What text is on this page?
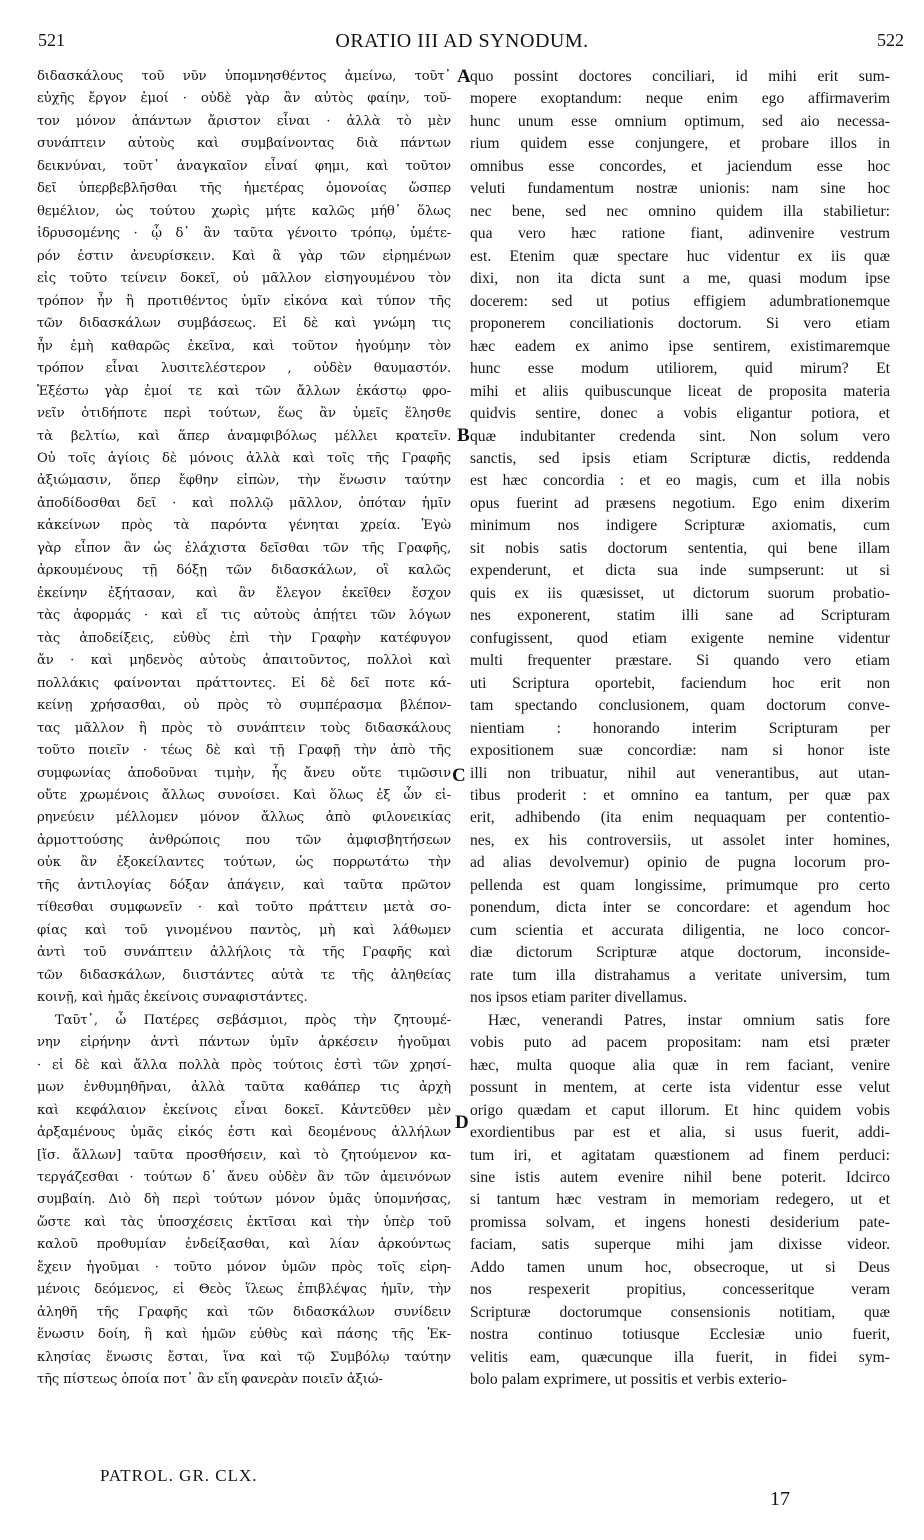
521	ORATIO III AD SYNODUM.	522
διδασκάλους τοῦ νῦν ὑπομνησθέντος ἀμείνω, τοῦτ᾽
εὐχῆς ἔργον ἐμοί · οὐδὲ γὰρ ἂν αὐτὸς φαίην, τοῦ-
τον μόνον ἁπάντων ἄριστον εἶναι · ἀλλὰ τὸ μὲν
συνάπτειν αὐτοὺς καὶ συμβαίνοντας διὰ πάντων
δεικνύναι, τοῦτ᾽ ἀναγκαῖον εἶναί φημι, καὶ τοῦτον
δεῖ ὑπερβεβλῆσθαι τῆς ἡμετέρας ὁμονοίας ὥσπερ
θεμέλιον, ὡς τούτου χωρὶς μήτε καλῶς μήθ᾽ ὅλως
ἱδρυσομένης · ᾧ δ᾽ ἂν ταῦτα γένοιτο τρόπῳ, ὑμέτε-
ρόν ἐστιν ἀνευρίσκειν. Καὶ ἃ γὰρ τῶν εἰρημένων
εἰς τοῦτο τείνειν δοκεῖ, οὐ μᾶλλον εἰσηγουμένου τὸν
τρόπον ἦν ἢ προτιθέντος ὑμῖν εἰκόνα καὶ τύπον τῆς
τῶν διδασκάλων συμβάσεως. Εἰ δὲ καὶ γνώμη τις
ἦν ἐμὴ καθαρῶς ἐκεῖνα, καὶ τοῦτον ἡγούμην τὸν
τρόπον εἶναι λυσιτελέστερον , οὐδὲν θαυμαστόν.
Ἐξέστω γὰρ ἐμοί τε καὶ τῶν ἄλλων ἑκάστῳ φρο-
νεῖν ὁτιδήποτε περὶ τούτων, ἕως ἂν ὑμεῖς ἕλησθε
τὰ βελτίω, καὶ ἅπερ ἀναμφιβόλως μέλλει κρατεῖν.
Οὐ τοῖς ἁγίοις δὲ μόνοις ἀλλὰ καὶ τοῖς τῆς Γραφῆς
ἀξιώμασιν, ὅπερ ἔφθην εἰπὼν, τὴν ἕνωσιν ταύτην
ἀποδίδοσθαι δεῖ · καὶ πολλῷ μᾶλλον, ὁπόταν ἡμῖν
κἀκείνων πρὸς τὰ παρόντα γένηται χρεία. Ἐγὼ
γὰρ εἶπον ἂν ὡς ἐλάχιστα δεῖσθαι τῶν τῆς Γραφῆς,
ἀρκουμένους τῇ δόξῃ τῶν διδασκάλων, οἳ καλῶς
ἐκείνην ἐξήτασαν, καὶ ἃν ἔλεγον ἐκεῖθεν ἔσχον
τὰς ἀφορμάς · καὶ εἴ τις αὐτοὺς ἀπῄτει τῶν λόγων
τὰς ἀποδείξεις, εὐθὺς ἐπὶ τὴν Γραφὴν κατέφυγον
ἄν · καὶ μηδενὸς αὐτοὺς ἀπαιτοῦντος, πολλοὶ καὶ
πολλάκις φαίνονται πράττοντες. Εἰ δὲ δεῖ ποτε κά-
κείνῃ χρήσασθαι, οὐ πρὸς τὸ συμπέρασμα βλέπον-
τας μᾶλλον ἢ πρὸς τὸ συνάπτειν τοὺς διδασκάλους
τοῦτο ποιεῖν · τέως δὲ καὶ τῇ Γραφῇ τὴν ἀπὸ τῆς
συμφωνίας ἀποδοῦναι τιμὴν, ἧς ἄνευ οὔτε τιμῶσιν
οὔτε χρωμένοις ἄλλως συνοίσει. Καὶ ὅλως ἐξ ὧν εἰ-
ρηνεύειν μέλλομεν μόνον ἄλλως ἀπὸ φιλονεικίας
ἁρμοττούσης ἀνθρώποις που τῶν ἀμφισβητήσεων
οὐκ ἂν ἐξοκείλαντες τούτων, ὡς πορρωτάτω τὴν
τῆς ἀντιλογίας δόξαν ἀπάγειν, καὶ ταῦτα πρῶτον
τίθεσθαι συμφωνεῖν · καὶ τοῦτο πράττειν μετὰ σο-
φίας καὶ τοῦ γινομένου παντὸς, μὴ καὶ λάθωμεν
ἀντὶ τοῦ συνάπτειν ἀλλήλοις τὰ τῆς Γραφῆς καὶ
τῶν διδασκάλων, διιστάντες αὐτὰ τε τῆς ἀληθείας
κοινῇ, καὶ ἡμᾶς ἐκείνοις συναφιστάντες.
Ταῦτ᾽, ὦ Πατέρες σεβάσμιοι, πρὸς τὴν ζητουμέ-
νην εἰρήνην ἀντὶ πάντων ὑμῖν ἀρκέσειν ἡγοῦμαι
· εἰ δὲ καὶ ἄλλα πολλὰ πρὸς τούτοις ἐστὶ τῶν χρησί-
μων ἐνθυμηθῆναι, ἀλλὰ ταῦτα καθάπερ τις ἀρχὴ
καὶ κεφάλαιον ἐκείνοις εἶναι δοκεῖ. Κἀντεῦθεν μὲν
ἀρξαμένους ὑμᾶς εἰκός ἐστι καὶ δεομένους ἀλλήλων
[ἴσ. ἄλλων] ταῦτα προσθήσειν, καὶ τὸ ζητούμενον κα-
τεργάζεσθαι · τούτων δ᾽ ἄνευ οὐδὲν ἂν τῶν ἀμεινόνων
συμβαίη. Διὸ δὴ περὶ τούτων μόνον ὑμᾶς ὑπομνήσας,
ὥστε καὶ τὰς ὑποσχέσεις ἐκτῖσαι καὶ τὴν ὑπὲρ τοῦ
καλοῦ προθυμίαν ἐνδείξασθαι, καὶ λίαν ἀρκούντως
ἔχειν ἡγοῦμαι · τοῦτο μόνον ὑμῶν πρὸς τοῖς εἰρη-
μένοις δεόμενος, εἰ Θεὸς ἵλεως ἐπιβλέψας ἡμῖν, τὴν
ἀληθῆ τῆς Γραφῆς καὶ τῶν διδασκάλων συνίδειν
ἕνωσιν δοίη, ἣ καὶ ἡμῶν εὐθὺς καὶ πάσης τῆς Ἐκ-
κλησίας ἕνωσις ἔσται, ἵνα καὶ τῷ Συμβόλῳ ταύτην
τῆς πίστεως ὁποία ποτ᾽ ἂν εἴη φανερὰν ποιεῖν ἀξιώ-
A
B
C
D
quo possint doctores conciliari, id mihi erit sum-
mopere exoptandum: neque enim ego affirmaverim
hunc unum esse omnium optimum, sed aio necessa-
rium quidem esse conjungere, et probare illos in
omnibus esse concordes, et jaciendum esse hoc
veluti fundamentum nostræ unionis: nam sine hoc
nec bene, sed nec omnino quidem illa stabilietur:
qua vero hæc ratione fiant, adinvenire vestrum
est. Etenim quæ spectare huc videntur ex iis quæ
dixi, non ita dicta sunt a me, quasi modum ipse
docerem: sed ut potius effigiem adumbrationemque
proponerem conciliationis doctorum. Si vero etiam
hæc eadem ex animo ipse sentirem, existimaremque
hunc esse modum utiliorem, quid mirum? Et
mihi et aliis quibuscunque liceat de proposita materia
quidvis sentire, donec a vobis eligantur potiora, et
quæ indubitanter credenda sint. Non solum vero
sanctis, sed ipsis etiam Scripturæ dictis, reddenda
est hæc concordia : et eo magis, cum et illa nobis
opus fuerint ad præsens negotium. Ego enim dixerim
minimum nos indigere Scripturæ axiomatis, cum
sit nobis satis doctorum sententia, qui bene illam
expenderunt, et dicta sua inde sumpserunt: ut si
quis ex iis quæsisset, ut dictorum suorum probatio-
nes exponerent, statim illi sane ad Scripturam
confugissent, quod etiam exigente nemine videntur
multi frequenter præstare. Si quando vero etiam
uti Scriptura oportebit, faciendum hoc erit non
tam spectando conclusionem, quam doctorum conve-
nientiam : honorando interim Scripturam per
expositionem suæ concordiæ: nam si honor iste
illi non tribuatur, nihil aut venerantibus, aut utan-
tibus proderit : et omnino ea tantum, per quæ pax
erit, adhibendo (ita enim nequaquam per contentio-
nes, ex his controversiis, ut assolet inter homines,
ad alias devolvemur) opinio de pugna locorum pro-
pellenda est quam longissime, primumque pro certo
ponendum, dicta inter se concordare: et agendum hoc
cum scientia et accurata diligentia, ne loco concor-
diæ dictorum Scripturæ atque doctorum, inconside-
rate tum illa distrahamus a veritate universim, tum
nos ipsos etiam pariter divellamus.
Hæc, venerandi Patres, instar omnium satis fore
vobis puto ad pacem propositam: nam etsi præter
hæc, multa quoque alia quæ in rem faciant, venire
possunt in mentem, at certe ista videntur esse velut
origo quædam et caput illorum. Et hinc quidem vobis
exordientibus par est et alia, si usus fuerit, addi-
tum iri, et agitatam quæstionem ad finem perduci:
sine istis autem evenire nihil bene poterit. Idcirco
si tantum hæc vestram in memoriam redegero, ut et
promissa solvam, et ingens honesti desiderium pate-
faciam, satis superque mihi jam dixisse videor.
Addo tamen unum hoc, obsecroque, ut si Deus
nos respexerit propitius, concesseritque veram
Scripturæ doctorumque consensionis notitiam, quæ
nostra continuo totiusque Ecclesiæ unio fuerit,
velitis eam, quæcunque illa fuerit, in fidei sym-
bolo palam exprimere, ut possitis et verbis exterio-
PATROL. GR. CLX.
17
